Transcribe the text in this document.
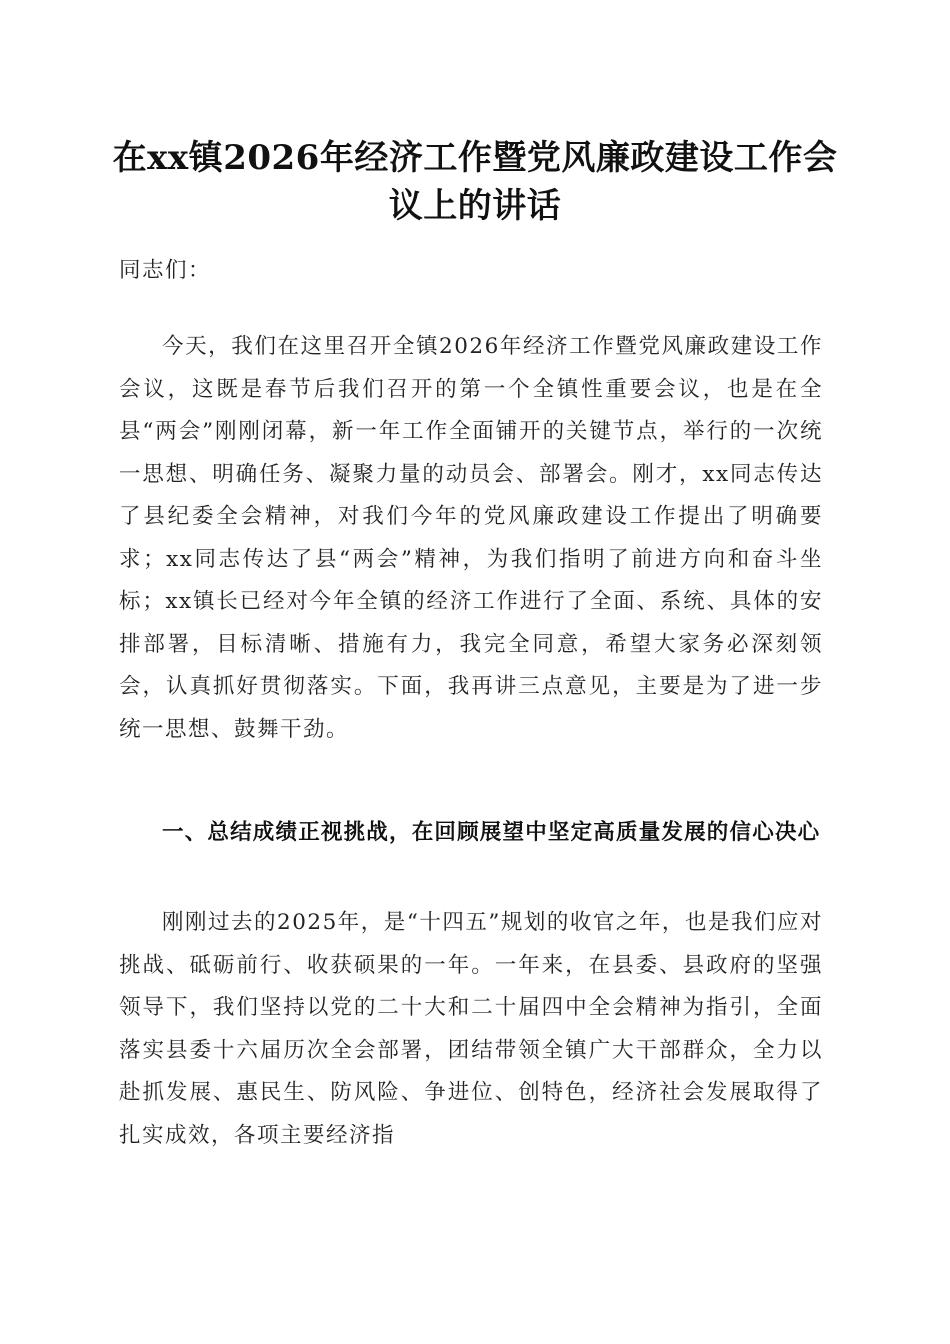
在xx镇2026年经济工作暨党风廉政建设工作会议上的讲话

同志们：

今天，我们在这里召开全镇2026年经济工作暨党风廉政建设工作会议，这既是春节后我们召开的第一个全镇性重要会议，也是在全县“两会”刚刚闭幕，新一年工作全面铺开的关键节点，举行的一次统一思想、明确任务、凝聚力量的动员会、部署会。刚才，xx同志传达了县纪委全会精神，对我们今年的党风廉政建设工作提出了明确要求；xx同志传达了县“两会”精神，为我们指明了前进方向和奋斗坐标；xx镇长已经对今年全镇的经济工作进行了全面、系统、具体的安排部署，目标清晰、措施有力，我完全同意，希望大家务必深刻领会，认真抓好贯彻落实。下面，我再讲三点意见，主要是为了进一步统一思想、鼓舞干劲。

一、总结成绩正视挑战，在回顾展望中坚定高质量发展的信心决心

刚刚过去的2025年，是“十四五”规划的收官之年，也是我们应对挑战、砥砺前行、收获硕果的一年。一年来，在县委、县政府的坚强领导下，我们坚持以党的二十大和二十届四中全会精神为指引，全面落实县委十六届历次全会部署，团结带领全镇广大干部群众，全力以赴抓发展、惠民生、防风险、争进位、创特色，经济社会发展取得了扎实成效，各项主要经济指
